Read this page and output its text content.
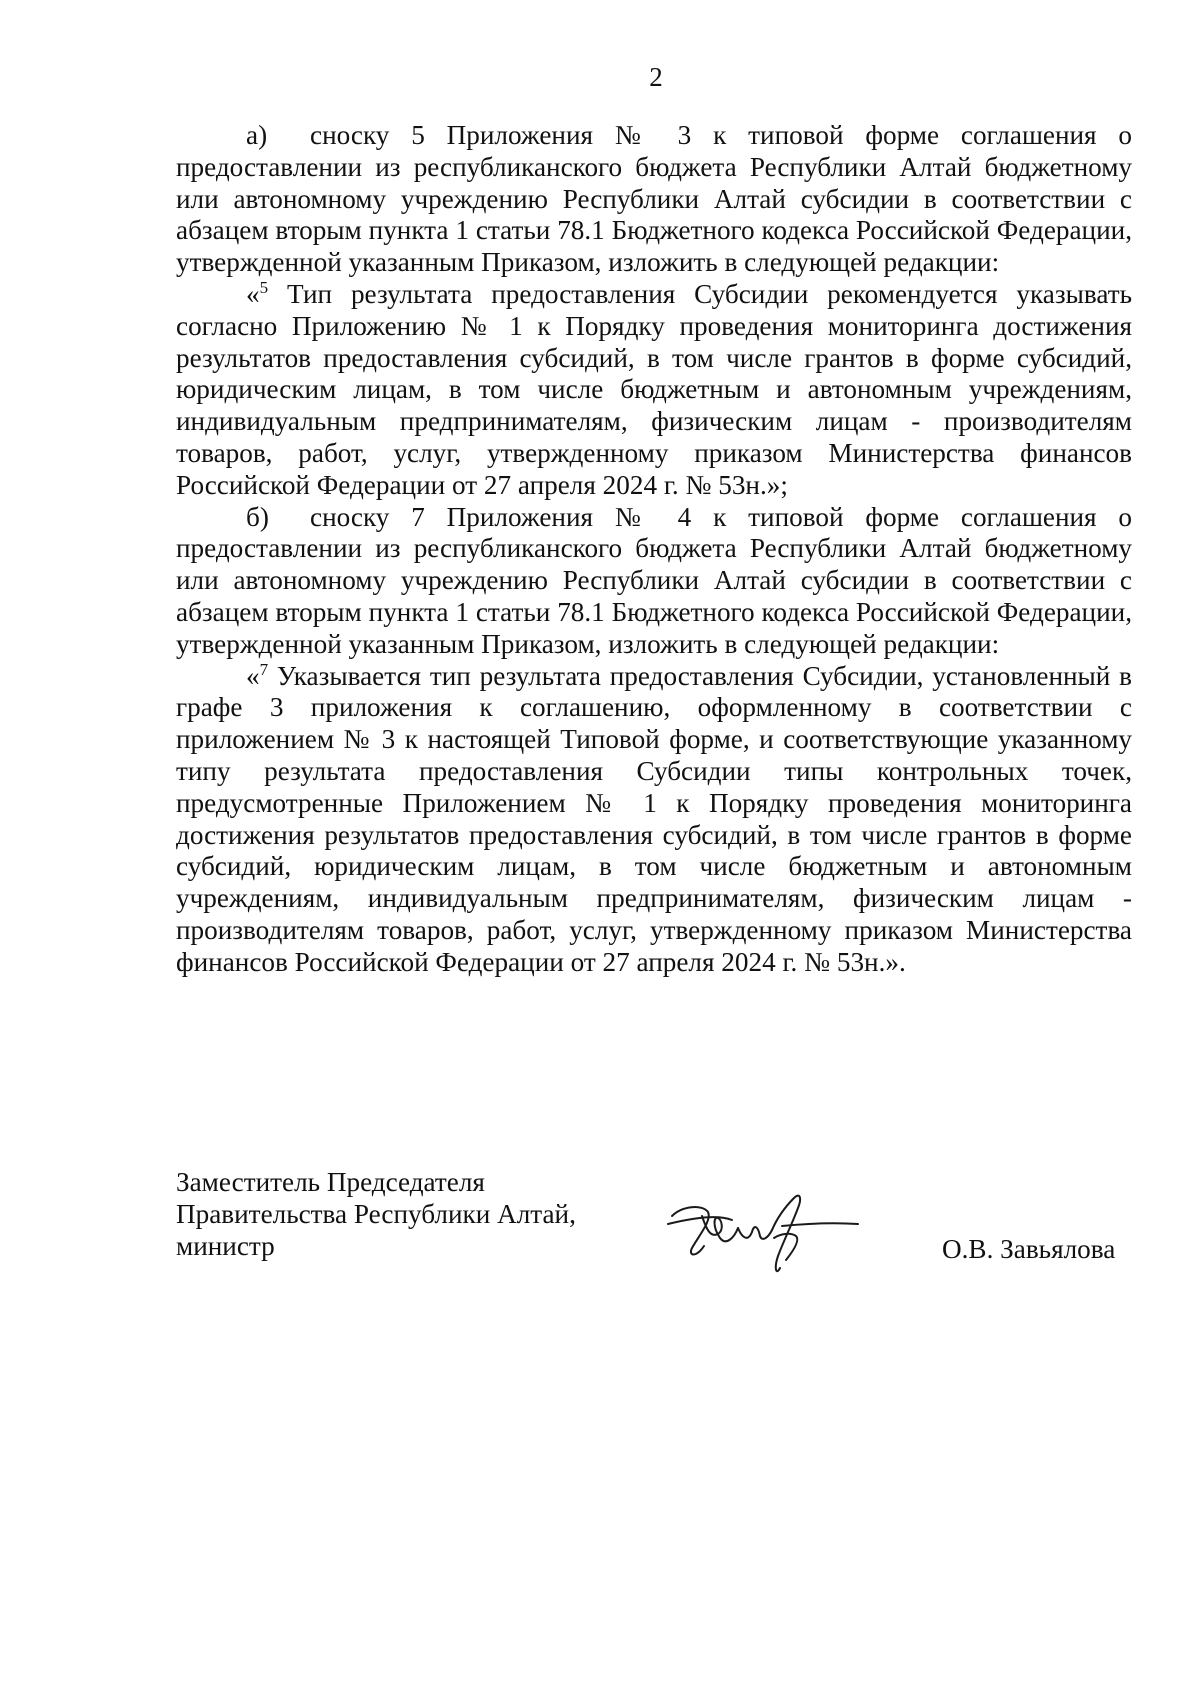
2

а) сноску 5 Приложения № 3 к типовой форме соглашения о предоставлении из республиканского бюджета Республики Алтай бюджетному или автономному учреждению Республики Алтай субсидии в соответствии с абзацем вторым пункта 1 статьи 78.1 Бюджетного кодекса Российской Федерации, утвержденной указанным Приказом, изложить в следующей редакции:

«$^5$ Тип результата предоставления Субсидии рекомендуется указывать согласно Приложению № 1 к Порядку проведения мониторинга достижения результатов предоставления субсидий, в том числе грантов в форме субсидий, юридическим лицам, в том числе бюджетным и автономным учреждениям, индивидуальным предпринимателям, физическим лицам - производителям товаров, работ, услуг, утвержденному приказом Министерства финансов Российской Федерации от 27 апреля 2024 г. № 53н.»;

б) сноску 7 Приложения № 4 к типовой форме соглашения о предоставлении из республиканского бюджета Республики Алтай бюджетному или автономному учреждению Республики Алтай субсидии в соответствии с абзацем вторым пункта 1 статьи 78.1 Бюджетного кодекса Российской Федерации, утвержденной указанным Приказом, изложить в следующей редакции:

«$^7$ Указывается тип результата предоставления Субсидии, установленный в графе 3 приложения к соглашению, оформленному в соответствии с приложением № 3 к настоящей Типовой форме, и соответствующие указанному типу результата предоставления Субсидии типы контрольных точек, предусмотренные Приложением № 1 к Порядку проведения мониторинга достижения результатов предоставления субсидий, в том числе грантов в форме субсидий, юридическим лицам, в том числе бюджетным и автономным учреждениям, индивидуальным предпринимателям, физическим лицам - производителям товаров, работ, услуг, утвержденному приказом Министерства финансов Российской Федерации от 27 апреля 2024 г. № 53н.».

Заместитель Председателя
Правительства Республики Алтай,
министр	О.В. Завьялова
